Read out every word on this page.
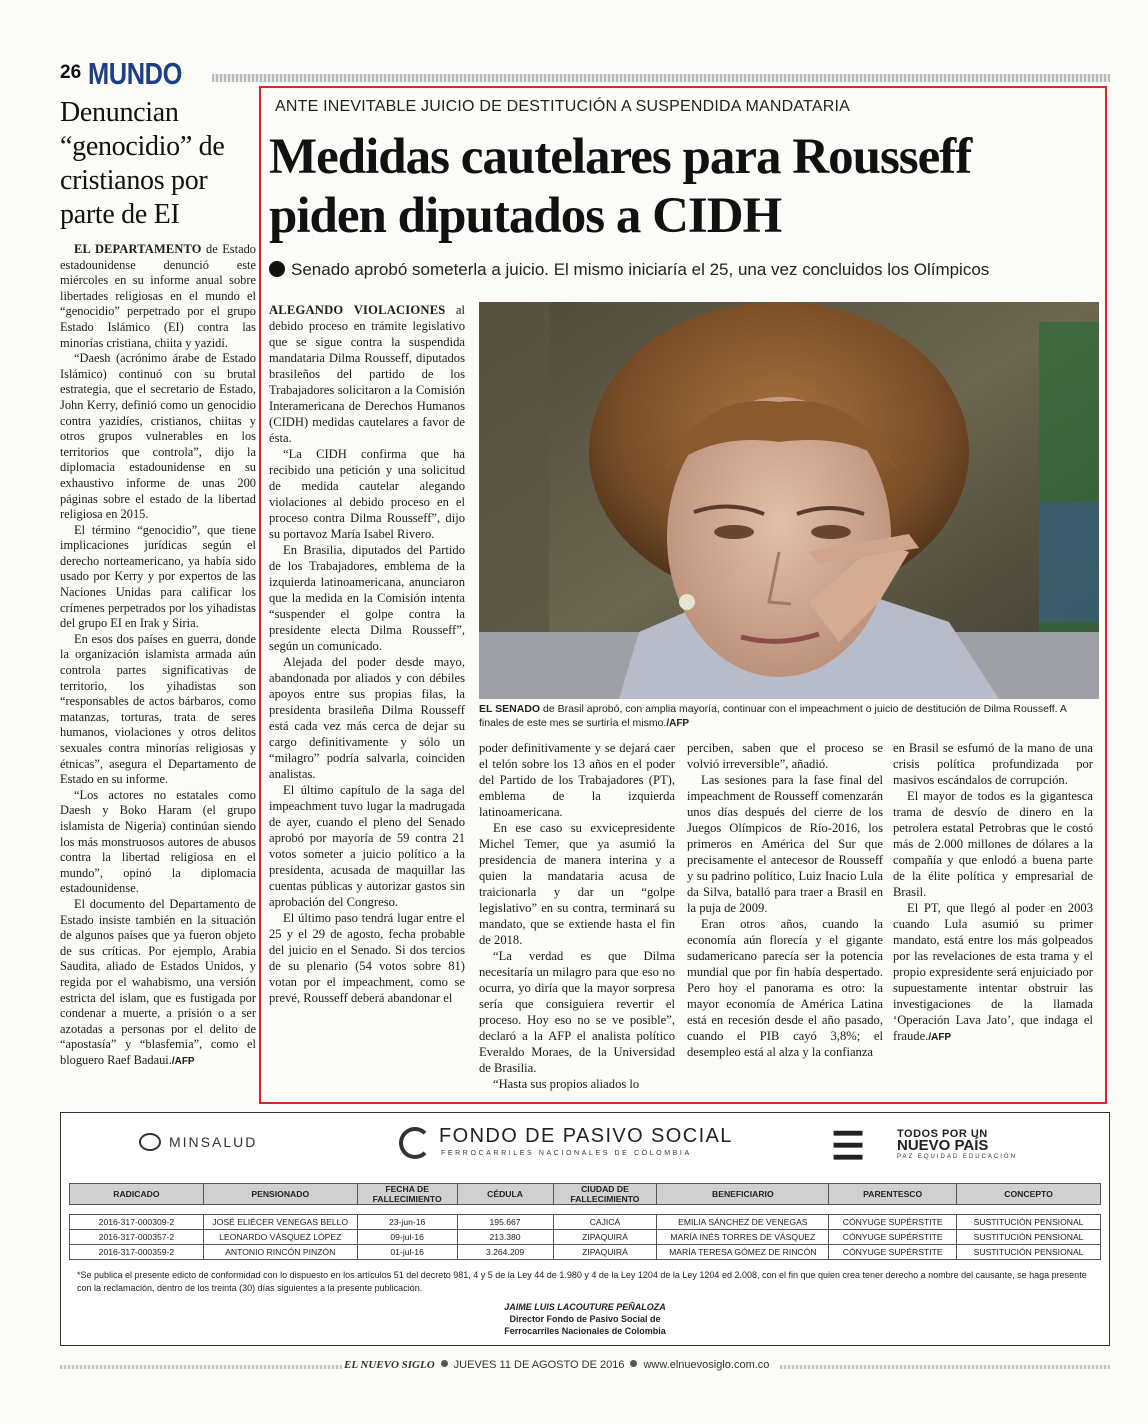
26 MUNDO
Denuncian “genocidio” de cristianos por parte de EI

EL DEPARTAMENTO de Estado estadounidense denunció este miércoles en su informe anual sobre libertades religiosas en el mundo el “genocidio” perpetrado por el grupo Estado Islámico (EI) contra las minorías cristiana, chiita y yazidí.

“Daesh (acrónimo árabe de Estado Islámico) continuó con su brutal estrategia, que el secretario de Estado, John Kerry, definió como un genocidio contra yazidíes, cristianos, chiitas y otros grupos vulnerables en los territorios que controla”, dijo la diplomacia estadounidense en su exhaustivo informe de unas 200 páginas sobre el estado de la libertad religiosa en 2015.

El término “genocidio”, que tiene implicaciones jurídicas según el derecho norteamericano, ya había sido usado por Kerry y por expertos de las Naciones Unidas para calificar los crímenes perpetrados por los yihadistas del grupo EI en Irak y Siria.

En esos dos países en guerra, donde la organización islamista armada aún controla partes significativas de territorio, los yihadistas son “responsables de actos bárbaros, como matanzas, torturas, trata de seres humanos, violaciones y otros delitos sexuales contra minorías religiosas y étnicas”, asegura el Departamento de Estado en su informe.

“Los actores no estatales como Daesh y Boko Haram (el grupo islamista de Nigeria) continúan siendo los más monstruosos autores de abusos contra la libertad religiosa en el mundo”, opinó la diplomacia estadounidense.

El documento del Departamento de Estado insiste también en la situación de algunos países que ya fueron objeto de sus críticas. Por ejemplo, Arabia Saudita, aliado de Estados Unidos, y regida por el wahabismo, una versión estricta del islam, que es fustigada por condenar a muerte, a prisión o a ser azotadas a personas por el delito de “apostasía” y “blasfemia”, como el bloguero Raef Badaui./AFP

ANTE INEVITABLE JUICIO DE DESTITUCIÓN A SUSPENDIDA MANDATARIA
Medidas cautelares para Rousseff piden diputados a CIDH
Senado aprobó someterla a juicio. El mismo iniciaría el 25, una vez concluidos los Olímpicos
EL SENADO de Brasil aprobó, con amplia mayoría, continuar con el impeachment o juicio de destitución de Dilma Rousseff. A finales de este mes se surtiría el mismo./AFP

ALEGANDO VIOLACIONES al debido proceso en trámite legislativo que se sigue contra la suspendida mandataria Dilma Rousseff, diputados brasileños del partido de los Trabajadores solicitaron a la Comisión Interamericana de Derechos Humanos (CIDH) medidas cautelares a favor de ésta.

“La CIDH confirma que ha recibido una petición y una solicitud de medida cautelar alegando violaciones al debido proceso en el proceso contra Dilma Rousseff”, dijo su portavoz María Isabel Rivero.

En Brasilia, diputados del Partido de los Trabajadores, emblema de la izquierda latinoamericana, anunciaron que la medida en la Comisión intenta “suspender el golpe contra la presidente electa Dilma Rousseff”, según un comunicado.

Alejada del poder desde mayo, abandonada por aliados y con débiles apoyos entre sus propias filas, la presidenta brasileña Dilma Rousseff está cada vez más cerca de dejar su cargo definitivamente y sólo un “milagro” podría salvarla, coinciden analistas.

El último capítulo de la saga del impeachment tuvo lugar la madrugada de ayer, cuando el pleno del Senado aprobó por mayoría de 59 contra 21 votos someter a juicio político a la presidenta, acusada de maquillar las cuentas públicas y autorizar gastos sin aprobación del Congreso.

El último paso tendrá lugar entre el 25 y el 29 de agosto, fecha probable del juicio en el Senado. Si dos tercios de su plenario (54 votos sobre 81) votan por el impeachment, como se prevé, Rousseff deberá abandonar el

poder definitivamente y se dejará caer el telón sobre los 13 años en el poder del Partido de los Trabajadores (PT), emblema de la izquierda latinoamericana.

En ese caso su exvicepresidente Michel Temer, que ya asumió la presidencia de manera interina y a quien la mandataria acusa de traicionarla y dar un “golpe legislativo” en su contra, terminará su mandato, que se extiende hasta el fin de 2018.

“La verdad es que Dilma necesitaría un milagro para que eso no ocurra, yo diría que la mayor sorpresa sería que consiguiera revertir el proceso. Hoy eso no se ve posible”, declaró a la AFP el analista político Everaldo Moraes, de la Universidad de Brasilia.

“Hasta sus propios aliados lo

perciben, saben que el proceso se volvió irreversible”, añadió.

Las sesiones para la fase final del impeachment de Rousseff comenzarán unos días después del cierre de los Juegos Olímpicos de Río-2016, los primeros en América del Sur que precisamente el antecesor de Rousseff y su padrino político, Luiz Inacio Lula da Silva, batalló para traer a Brasil en la puja de 2009.

Eran otros años, cuando la economía aún florecía y el gigante sudamericano parecía ser la potencia mundial que por fin había despertado. Pero hoy el panorama es otro: la mayor economía de América Latina está en recesión desde el año pasado, cuando el PIB cayó 3,8%; el desempleo está al alza y la confianza

en Brasil se esfumó de la mano de una crisis política profundizada por masivos escándalos de corrupción.

El mayor de todos es la gigantesca trama de desvío de dinero en la petrolera estatal Petrobras que le costó más de 2.000 millones de dólares a la compañía y que enlodó a buena parte de la élite política y empresarial de Brasil.

El PT, que llegó al poder en 2003 cuando Lula asumió su primer mandato, está entre los más golpeados por las revelaciones de esta trama y el propio expresidente será enjuiciado por supuestamente intentar obstruir las investigaciones de la llamada ‘Operación Lava Jato’, que indaga el fraude./AFP

MINSALUD	FONDO DE PASIVO SOCIAL
FERROCARRILES NACIONALES DE COLOMBIA	☰	TODOS POR UN
NUEVO PAÍS
PAZ EQUIDAD EDUCACIÓN
RADICADO	PENSIONADO	FECHA DE FALLECIMIENTO	CÉDULA	CIUDAD DE FALLECIMIENTO	BENEFICIARIO	PARENTESCO	CONCEPTO

2016-317-000309-2	JOSÉ ELIÉCER VENEGAS BELLO	23-jun-16	195.667	CAJICÁ	EMILIA SÁNCHEZ DE VENEGAS	CÓNYUGE SUPÉRSTITE	SUSTITUCIÓN PENSIONAL
2016-317-000357-2	LEONARDO VÁSQUEZ LÓPEZ	09-jul-16	213.380	ZIPAQUIRÁ	MARÍA INÉS TORRES DE VÁSQUEZ	CÓNYUGE SUPÉRSTITE	SUSTITUCIÓN PENSIONAL
2016-317-000359-2	ANTONIO RINCÓN PINZÓN	01-jul-16	3.264.209	ZIPAQUIRÁ	MARÍA TERESA GÓMEZ DE RINCÓN	CÓNYUGE SUPÉRSTITE	SUSTITUCIÓN PENSIONAL
*Se publica el presente edicto de conformidad con lo dispuesto en los artículos 51 del decreto 981, 4 y 5 de la Ley 44 de 1.980 y 4 de la Ley 1204 de la Ley 1204 ed 2.008, con el fin que quien crea tener derecho a nombre del causante, se haga presente con la reclamación, dentro de los treinta (30) días siguientes a la presente publicación.
JAIME LUIS LACOUTURE PEÑALOZA
Director Fondo de Pasivo Social de
Ferrocarriles Nacionales de Colombia
EL NUEVO SIGLO JUEVES 11 DE AGOSTO DE 2016 www.elnuevosiglo.com.co
